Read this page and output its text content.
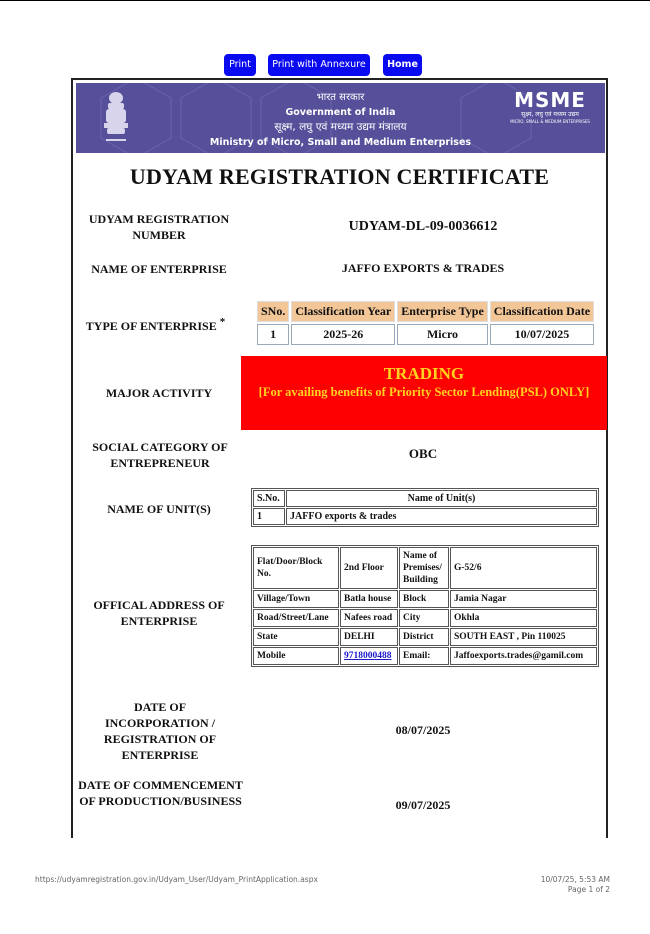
Print	Print with Annexure	Home
भारत सरकार
Government of India
सूक्ष्म, लघु एवं मध्यम उद्यम मंत्रालय
Ministry of Micro, Small and Medium Enterprises
MSME
सूक्ष्म, लघु एवं मध्यम उद्यम
MICRO, SMALL & MEDIUM ENTERPRISES
UDYAM REGISTRATION CERTIFICATE
UDYAM REGISTRATION NUMBER
UDYAM-DL-09-0036612
NAME OF ENTERPRISE	JAFFO EXPORTS & TRADES
TYPE OF ENTERPRISE *
SNo.	Classification Year	Enterprise Type	Classification Date
1	2025-26	Micro	10/07/2025
MAJOR ACTIVITY
TRADING
[For availing benefits of Priority Sector Lending(PSL) ONLY]
SOCIAL CATEGORY OF ENTREPRENEUR
OBC
NAME OF UNIT(S)
S.No.	Name of Unit(s)
1	JAFFO exports & trades
OFFICAL ADDRESS OF ENTERPRISE
Flat/Door/Block No.	2nd Floor	Name of Premises/ Building	G-52/6
Village/Town	Batla house	Block	Jamia Nagar
Road/Street/Lane	Nafees road	City	Okhla
State	DELHI	District	SOUTH EAST , Pin 110025
Mobile	9718000488	Email:	Jaffoexports.trades@gamil.com
DATE OF INCORPORATION / REGISTRATION OF ENTERPRISE
08/07/2025
DATE OF COMMENCEMENT OF PRODUCTION/BUSINESS	09/07/2025
https://udyamregistration.gov.in/Udyam_User/Udyam_PrintApplication.aspx	10/07/25, 5:53 AM
Page 1 of 2
